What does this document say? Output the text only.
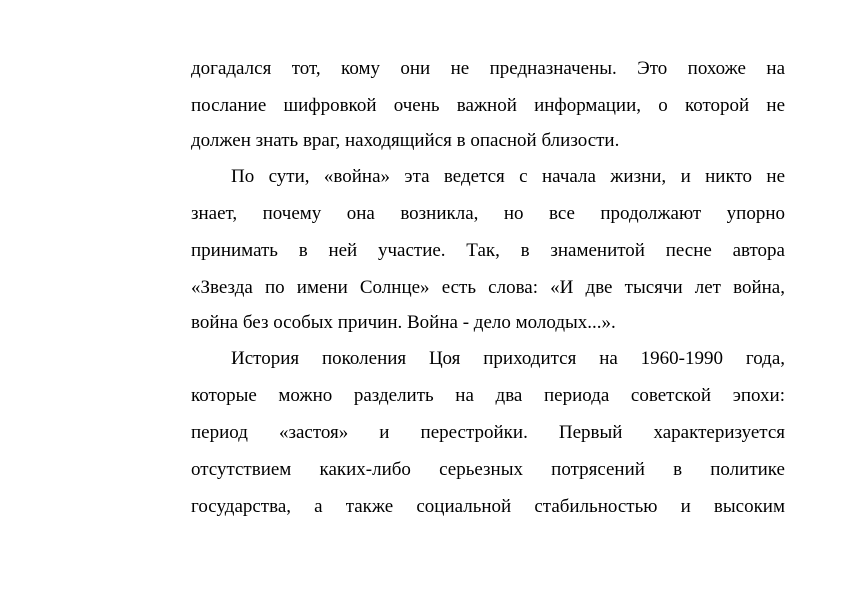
догадался тот, кому они не предназначены. Это похоже на
послание шифровкой очень важной информации, о которой не
должен знать враг, находящийся в опасной близости.
По сути, «война» эта ведется с начала жизни, и никто не
знает, почему она возникла, но все продолжают упорно
принимать в ней участие. Так, в знаменитой песне автора
«Звезда по имени Солнце» есть слова: «И две тысячи лет война,
война без особых причин. Война - дело молодых...».
История поколения Цоя приходится на 1960-1990 года,
которые можно разделить на два периода советской эпохи:
период «застоя» и перестройки. Первый характеризуется
отсутствием каких-либо серьезных потрясений в политике
государства, а также социальной стабильностью и высоким
